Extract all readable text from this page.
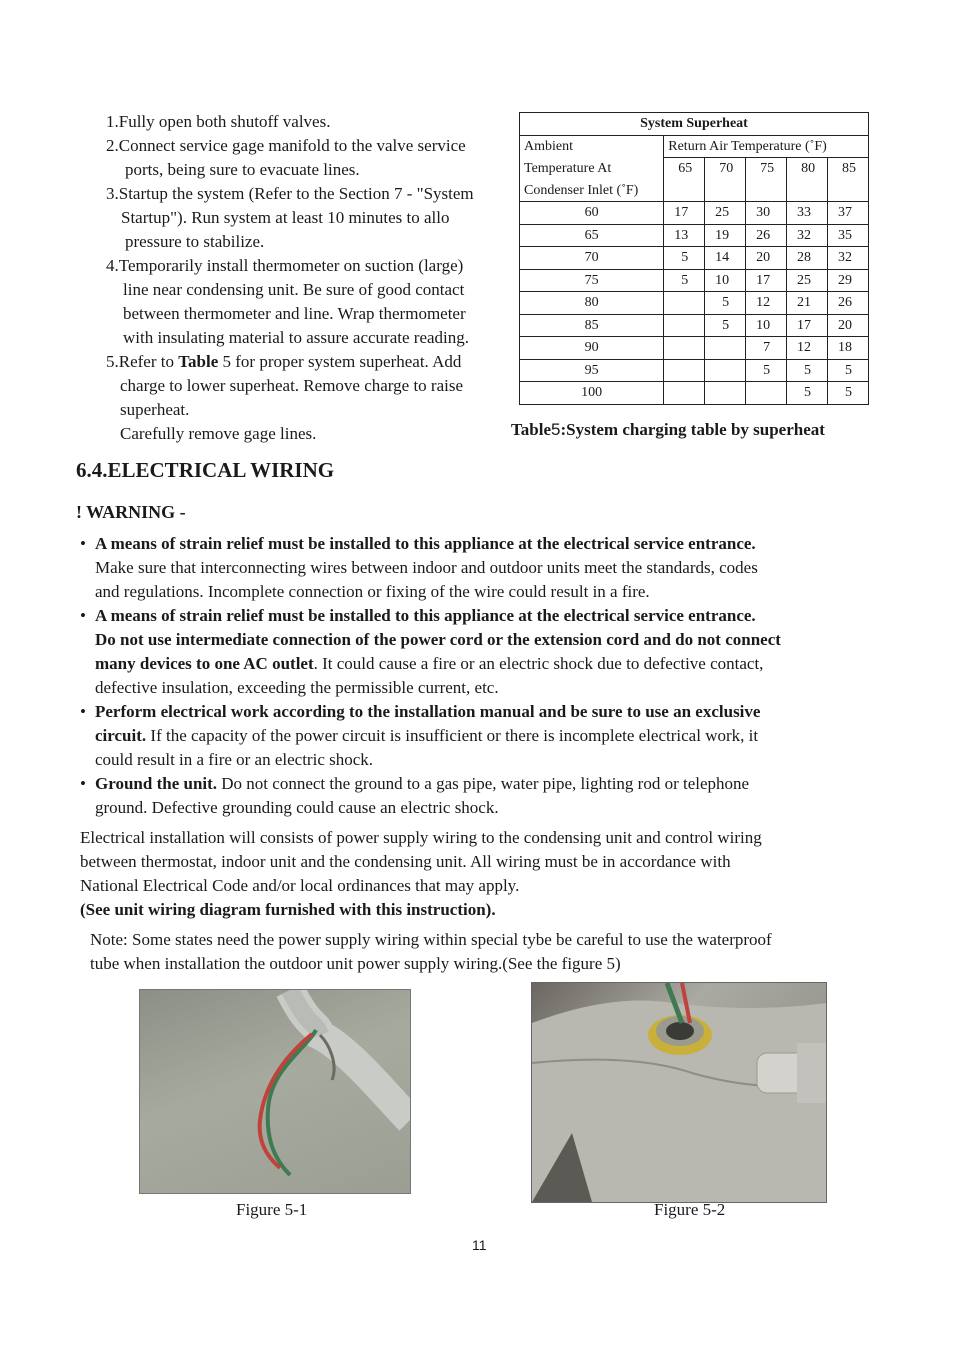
1.Fully open both shutoff valves.
2.Connect service gage manifold to the valve service
ports, being sure to evacuate lines.
3.Startup the system (Refer to the Section 7 - "System
Startup"). Run system at least 10 minutes to allo
pressure to stabilize.
4.Temporarily install thermometer on suction (large)
line near condensing unit. Be sure of good contact
between thermometer and line. Wrap thermometer
with insulating material to assure accurate reading.
5.Refer to Table 5 for proper system superheat. Add
charge to lower superheat. Remove charge to raise
superheat.
Carefully remove gage lines.
System Superheat					
Ambient	Return Air Temperature (˚F)				
Temperature At	65	70	75	80	85
Condenser Inlet (˚F)					
60	17	25	30	33	37
65	13	19	26	32	35
70	5	14	20	28	32
75	5	10	17	25	29
80		5	12	21	26
85		5	10	17	20
90			7	12	18
95			5	5	5
100				5	5
Table5:System charging table by superheat
6.4.ELECTRICAL WIRING
! WARNING -
• A means of strain relief must be installed to this appliance at the electrical service entrance.
Make sure that interconnecting wires between indoor and outdoor units meet the standards, codes
and regulations. Incomplete connection or fixing of the wire could result in a fire.
• A means of strain relief must be installed to this appliance at the electrical service entrance.
Do not use intermediate connection of the power cord or the extension cord and do not connect
many devices to one AC outlet. It could cause a fire or an electric shock due to defective contact,
defective insulation, exceeding the permissible current, etc.
• Perform electrical work according to the installation manual and be sure to use an exclusive
circuit. If the capacity of the power circuit is insufficient or there is incomplete electrical work, it
could result in a fire or an electric shock.
• Ground the unit. Do not connect the ground to a gas pipe, water pipe, lighting rod or telephone
ground. Defective grounding could cause an electric shock.
Electrical installation will consists of power supply wiring to the condensing unit and control wiring
between thermostat, indoor unit and the condensing unit. All wiring must be in accordance with
National Electrical Code and/or local ordinances that may apply.
(See unit wiring diagram furnished with this instruction).
Note: Some states need the power supply wiring within special tybe be careful to use the waterproof
tube when installation the outdoor unit power supply wiring.(See the figure 5)
Figure 5-1	Figure 5-2
11
